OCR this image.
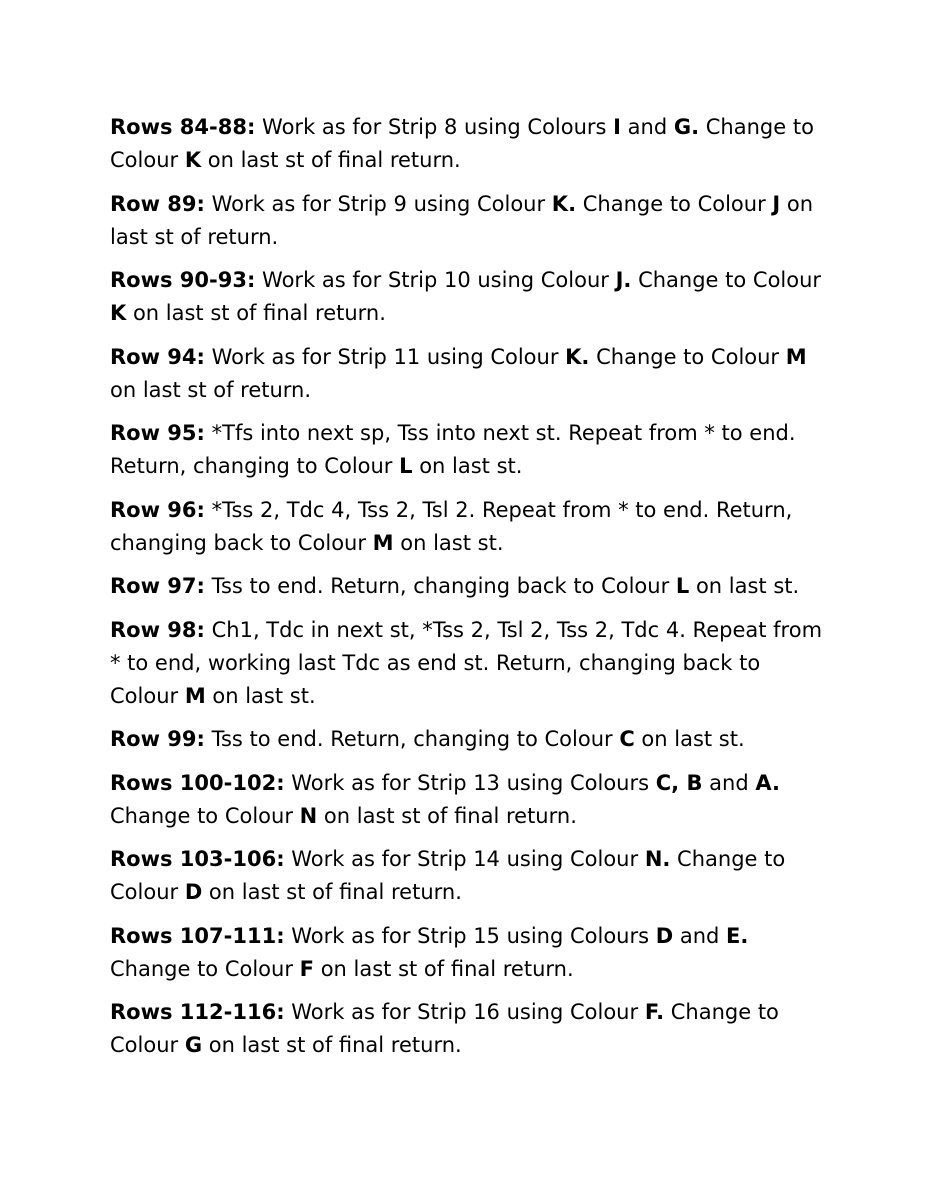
Rows 84-88: Work as for Strip 8 using Colours I and G. Change to Colour K on last st of final return.

Row 89: Work as for Strip 9 using Colour K. Change to Colour J on last st of return.

Rows 90-93: Work as for Strip 10 using Colour J. Change to Colour K on last st of final return.

Row 94: Work as for Strip 11 using Colour K. Change to Colour M on last st of return.

Row 95: *Tfs into next sp, Tss into next st. Repeat from * to end. Return, changing to Colour L on last st.

Row 96: *Tss 2, Tdc 4, Tss 2, Tsl 2. Repeat from * to end. Return, changing back to Colour M on last st.

Row 97: Tss to end. Return, changing back to Colour L on last st.

Row 98: Ch1, Tdc in next st, *Tss 2, Tsl 2, Tss 2, Tdc 4. Repeat from * to end, working last Tdc as end st. Return, changing back to Colour M on last st.

Row 99: Tss to end. Return, changing to Colour C on last st.

Rows 100-102: Work as for Strip 13 using Colours C, B and A. Change to Colour N on last st of final return.

Rows 103-106: Work as for Strip 14 using Colour N. Change to Colour D on last st of final return.

Rows 107-111: Work as for Strip 15 using Colours D and E. Change to Colour F on last st of final return.

Rows 112-116: Work as for Strip 16 using Colour F. Change to Colour G on last st of final return.
